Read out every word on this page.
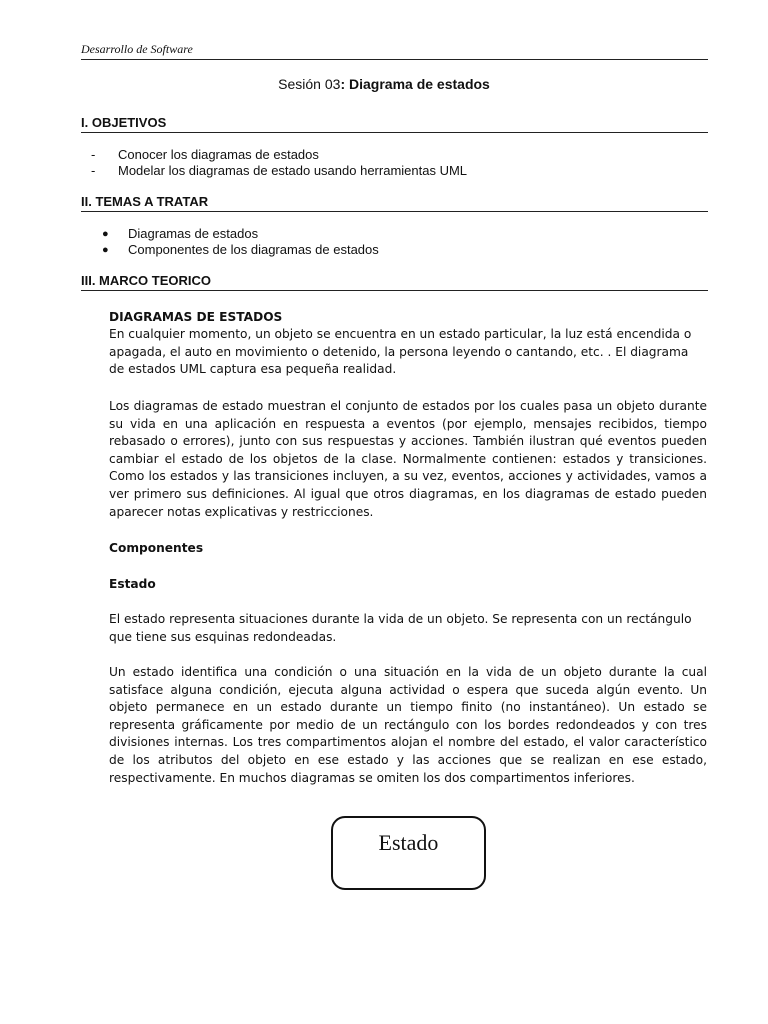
Desarrollo de Software
Sesión 03: Diagrama de estados
I. OBJETIVOS
- Conocer los diagramas de estados
- Modelar los diagramas de estado usando herramientas UML
II. TEMAS A TRATAR
● Diagramas de estados
● Componentes de los diagramas de estados
III. MARCO TEORICO

DIAGRAMAS DE ESTADOS

En cualquier momento, un objeto se encuentra en un estado particular, la luz está encendida o apagada, el auto en movimiento o detenido, la persona leyendo o cantando, etc. . El diagrama de estados UML captura esa pequeña realidad.

Los diagramas de estado muestran el conjunto de estados por los cuales pasa un objeto durante su vida en una aplicación en respuesta a eventos (por ejemplo, mensajes recibidos, tiempo rebasado o errores), junto con sus respuestas y acciones. También ilustran qué eventos pueden cambiar el estado de los objetos de la clase. Normalmente contienen: estados y transiciones. Como los estados y las transiciones incluyen, a su vez, eventos, acciones y actividades, vamos a ver primero sus definiciones. Al igual que otros diagramas, en los diagramas de estado pueden aparecer notas explicativas y restricciones.

Componentes

Estado

El estado representa situaciones durante la vida de un objeto. Se representa con un rectángulo que tiene sus esquinas redondeadas.

Un estado identifica una condición o una situación en la vida de un objeto durante la cual satisface alguna condición, ejecuta alguna actividad o espera que suceda algún evento. Un objeto permanece en un estado durante un tiempo finito (no instantáneo). Un estado se representa gráficamente por medio de un rectángulo con los bordes redondeados y con tres divisiones internas. Los tres compartimentos alojan el nombre del estado, el valor característico de los atributos del objeto en ese estado y las acciones que se realizan en ese estado, respectivamente. En muchos diagramas se omiten los dos compartimentos inferiores.

Estado
